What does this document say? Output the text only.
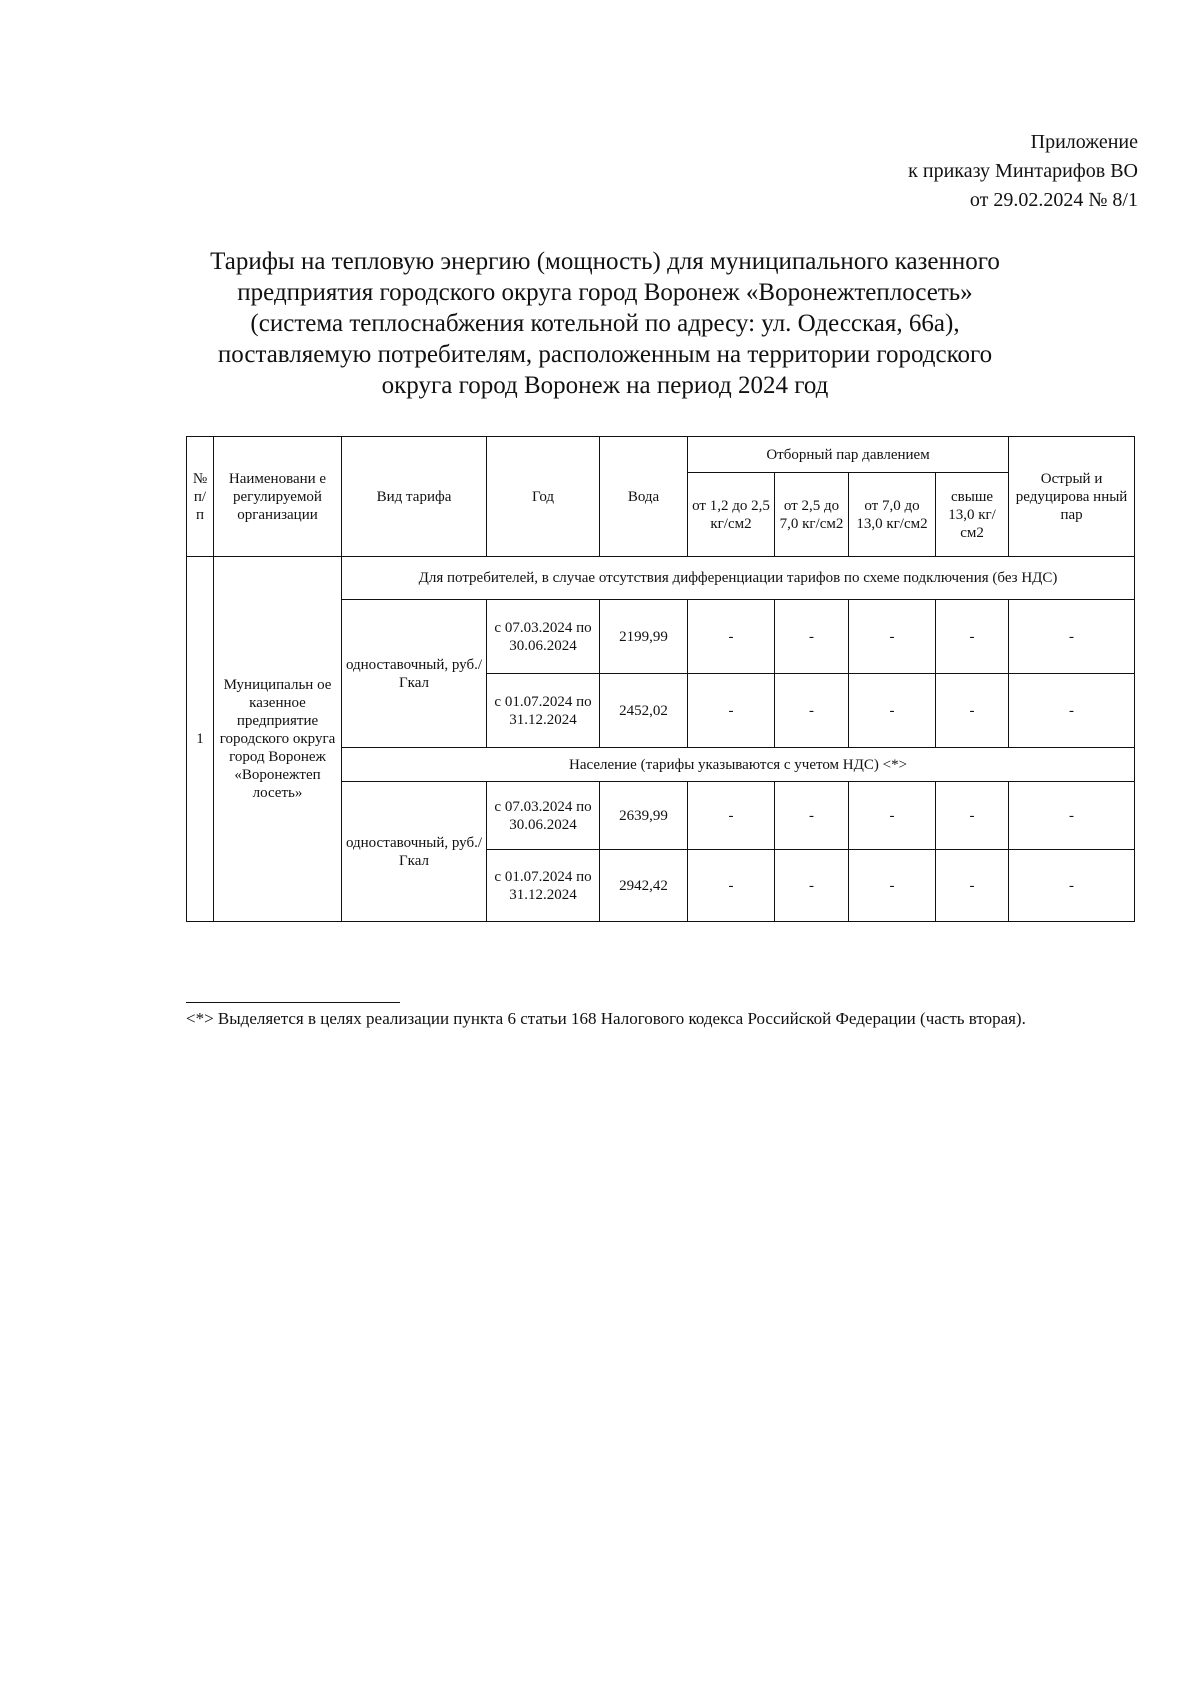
Приложение
к приказу Минтарифов ВО
от 29.02.2024 № 8/1
Тарифы на тепловую энергию (мощность) для муниципального казенного
предприятия городского округа город Воронеж «Воронежтеплосеть»
(система теплоснабжения котельной по адресу: ул. Одесская, 66а),
поставляемую потребителям, расположенным на территории городского
округа город Воронеж на период 2024 год
№ п/п	Наименовани е регулируемой организации	Вид тарифа	Год	Вода	Отборный пар давлением				Острый и редуцирова нный пар
					от 1,2 до 2,5 кг/см2	от 2,5 до 7,0 кг/см2	от 7,0 до 13,0 кг/см2	свыше 13,0 кг/см2	
1	Муниципальн ое казенное предприятие городского округа город Воронеж «Воронежтеп лосеть»	Для потребителей, в случае отсутствия дифференциации тарифов по схеме подключения (без НДС)							
		одноставочный, руб./Гкал	с 07.03.2024 по 30.06.2024	2199,99	-	-	-	-	-
			с 01.07.2024 по 31.12.2024	2452,02	-	-	-	-	-
		Население (тарифы указываются с учетом НДС) <*>							
		одноставочный, руб./Гкал	с 07.03.2024 по 30.06.2024	2639,99	-	-	-	-	-
			с 01.07.2024 по 31.12.2024	2942,42	-	-	-	-	-
<*> Выделяется в целях реализации пункта 6 статьи 168 Налогового кодекса Российской Федерации (часть вторая).
